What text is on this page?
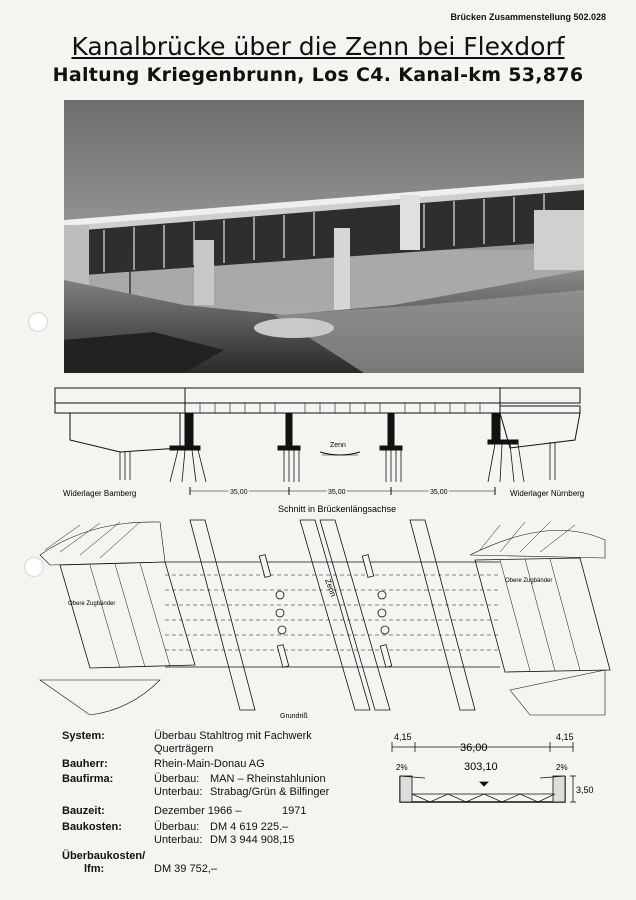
Brücken Zusammenstellung 502.028
Kanalbrücke über die Zenn bei Flexdorf
Haltung Kriegenbrunn, Los C4. Kanal-km 53,876
Widerlager Bamberg	Widerlager Nürnberg
35,00	35,00	35,00
Zenn
Schnitt in Brückenlängsachse
Zenn
Obere Zugbänder
Obere Zugbänder
Grundriß
System:	Überbau Stahltrog mit Fachwerk
Querträgern
Bauherr:	Rhein-Main-Donau AG
Baufirma:	Überbau: MAN – Rheinstahlunion
Unterbau: Strabag/Grün & Bilfinger
Bauzeit:	Dezember 1966 –	1971
Baukosten:	Überbau: DM 4 619 225.–
Unterbau: DM 3 944 908,15
Überbaukosten/
lfm:	DM 39 752,–
4,15	4,15
36,00
303,10
2%	2%
3,50
